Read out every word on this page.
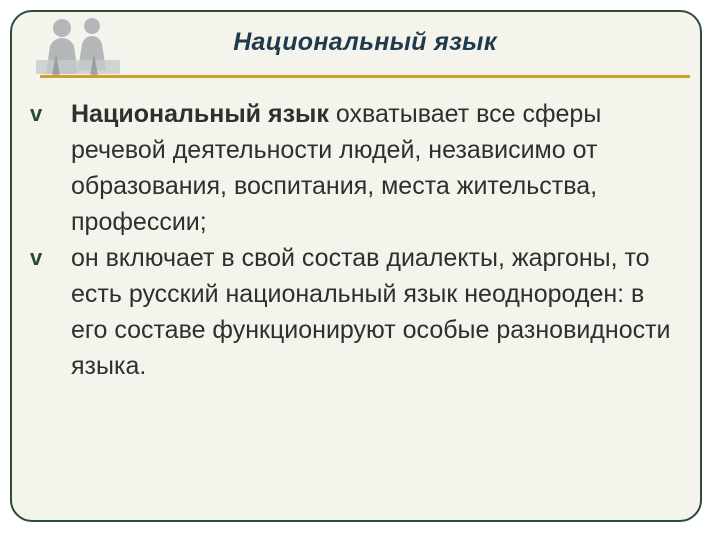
Национальный язык
v Национальный язык охватывает все сферы речевой деятельности людей, независимо от образования, воспитания, места жительства, профессии;
v он включает в свой состав диалекты, жаргоны, то есть русский национальный язык неоднороден: в его составе функционируют особые разновидности языка.
